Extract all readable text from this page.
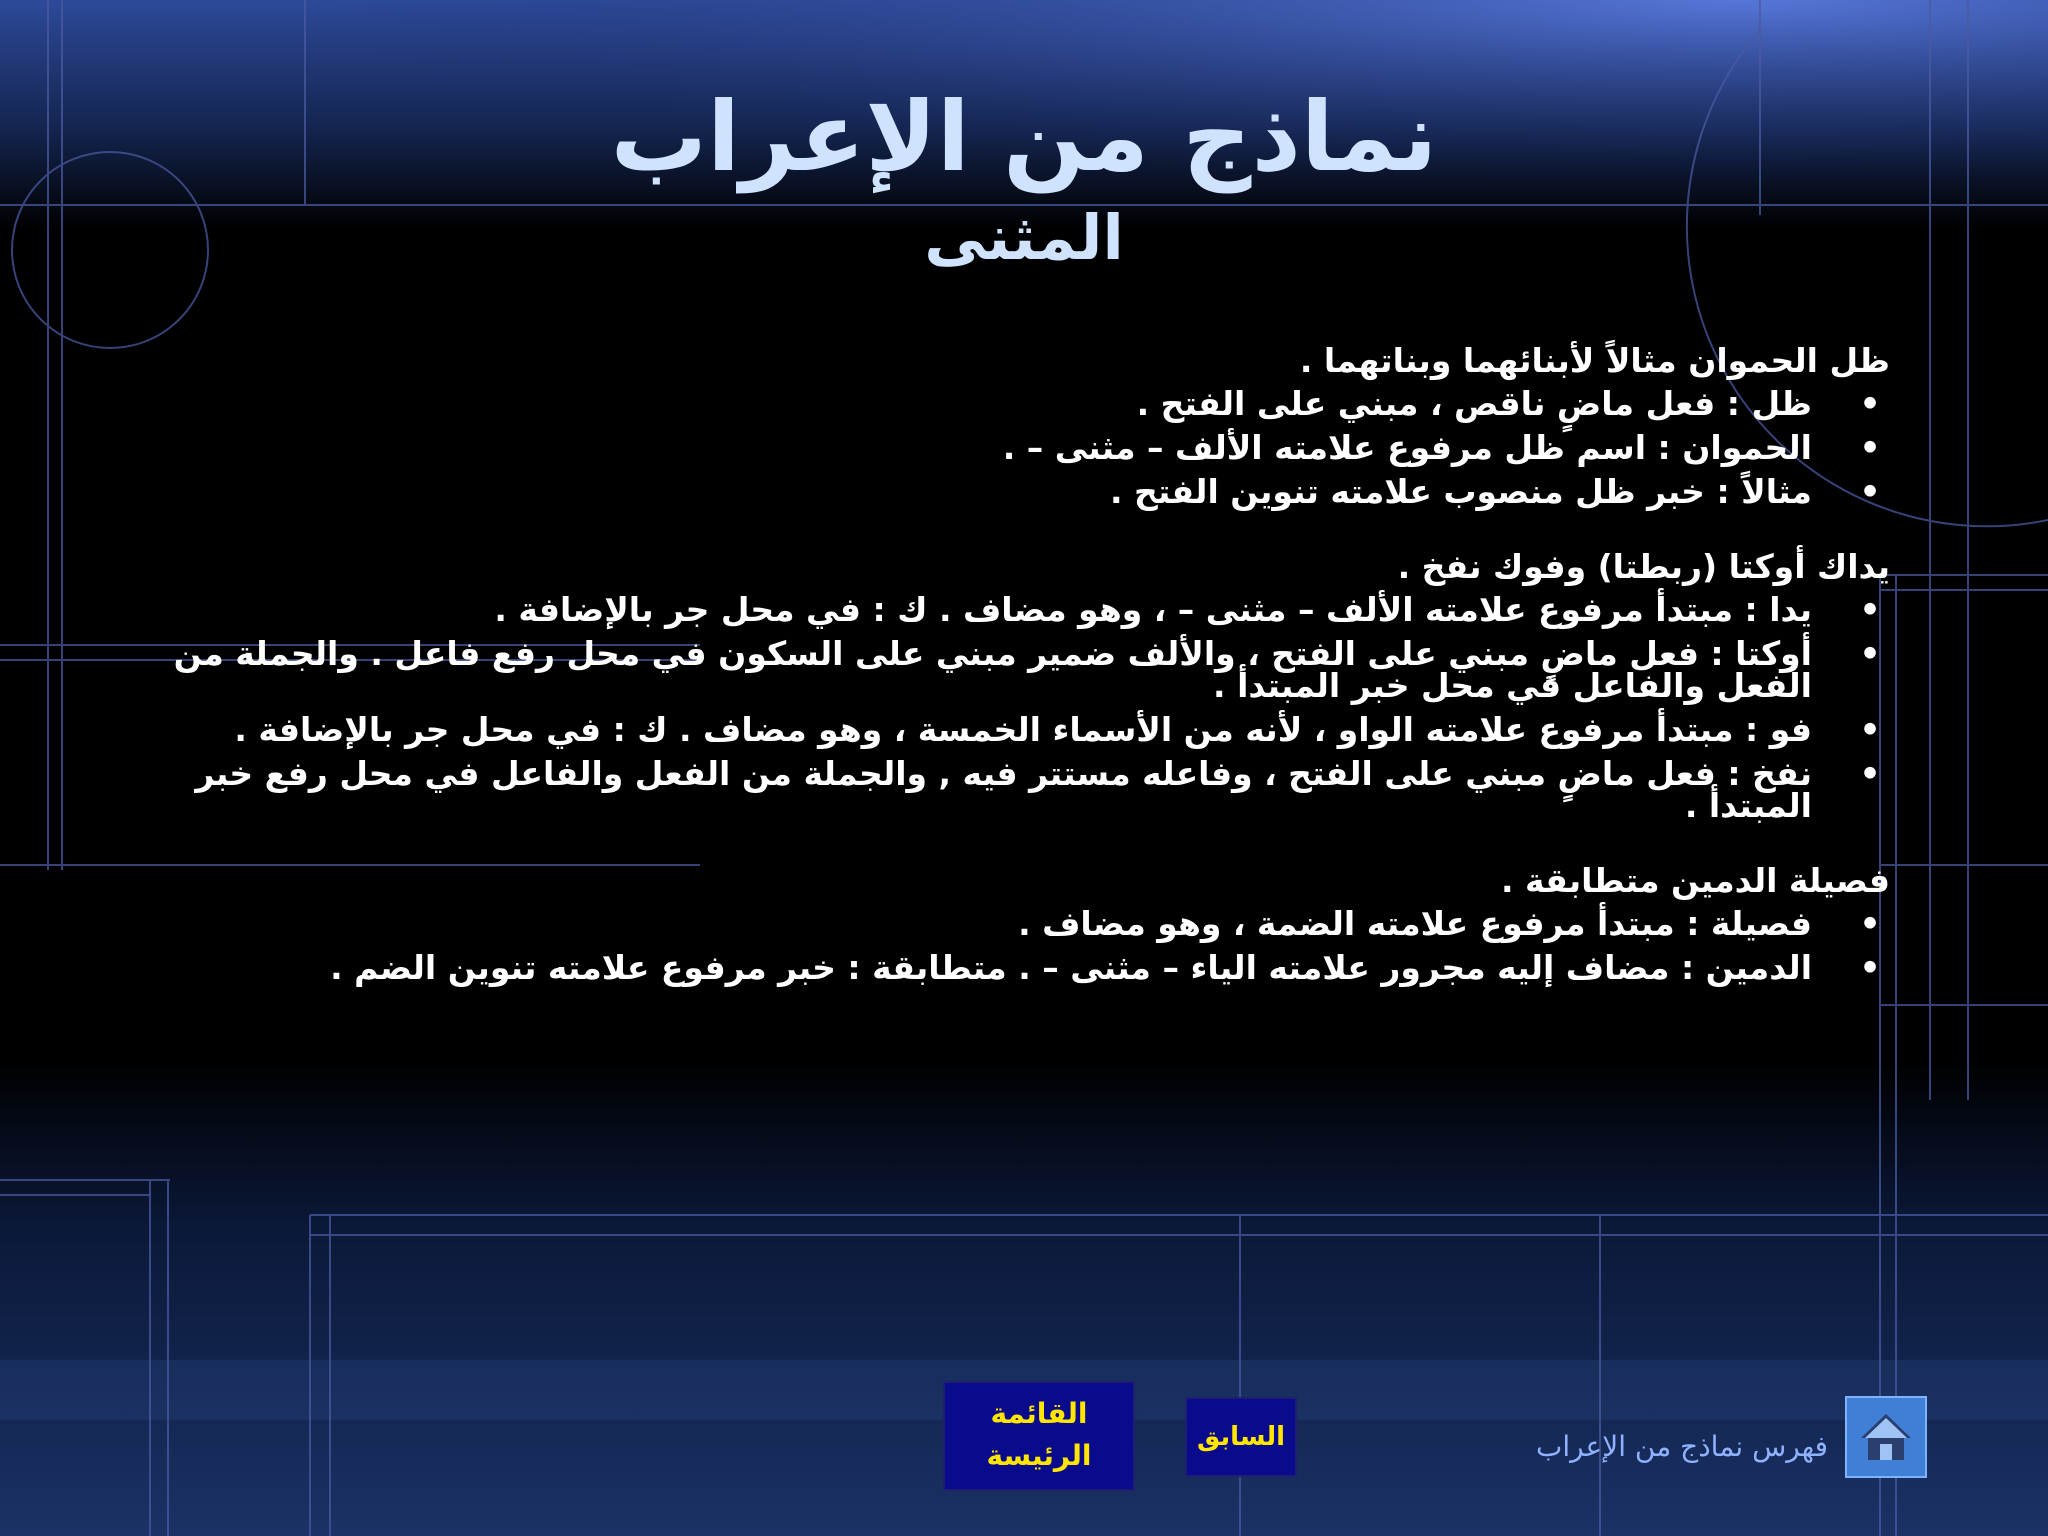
نماذج من الإعراب
المثنى

ظل الحموان مثالاً لأبنائهما وبناتهما .

•
ظل : فعل ماضٍ ناقص ، مبني على الفتح .
•
الحموان : اسم ظل مرفوع علامته الألف – مثنى – .
•
مثالاً : خبر ظل منصوب علامته تنوين الفتح .

يداك أوكتا (ربطتا) وفوك نفخ .

•
يدا : مبتدأ مرفوع علامته الألف – مثنى – ، وهو مضاف . ك : في محل جر بالإضافة .
•
أوكتا : فعل ماضٍ مبني على الفتح ، والألف ضمير مبني على السكون في محل رفع فاعل . والجملة من الفعل والفاعل في محل خبر المبتدأ .
•
فو : مبتدأ مرفوع علامته الواو ، لأنه من الأسماء الخمسة ، وهو مضاف . ك : في محل جر بالإضافة .
•
نفخ : فعل ماضٍ مبني على الفتح ، وفاعله مستتر فيه , والجملة من الفعل والفاعل في محل رفع خبر المبتدأ .

فصيلة الدمين متطابقة .

•
فصيلة : مبتدأ مرفوع علامته الضمة ، وهو مضاف .
•
الدمين : مضاف إليه مجرور علامته الياء – مثنى – . متطابقة : خبر مرفوع علامته تنوين الضم .
القائمة
الرئيسة
السابق	فهرس نماذج من الإعراب
